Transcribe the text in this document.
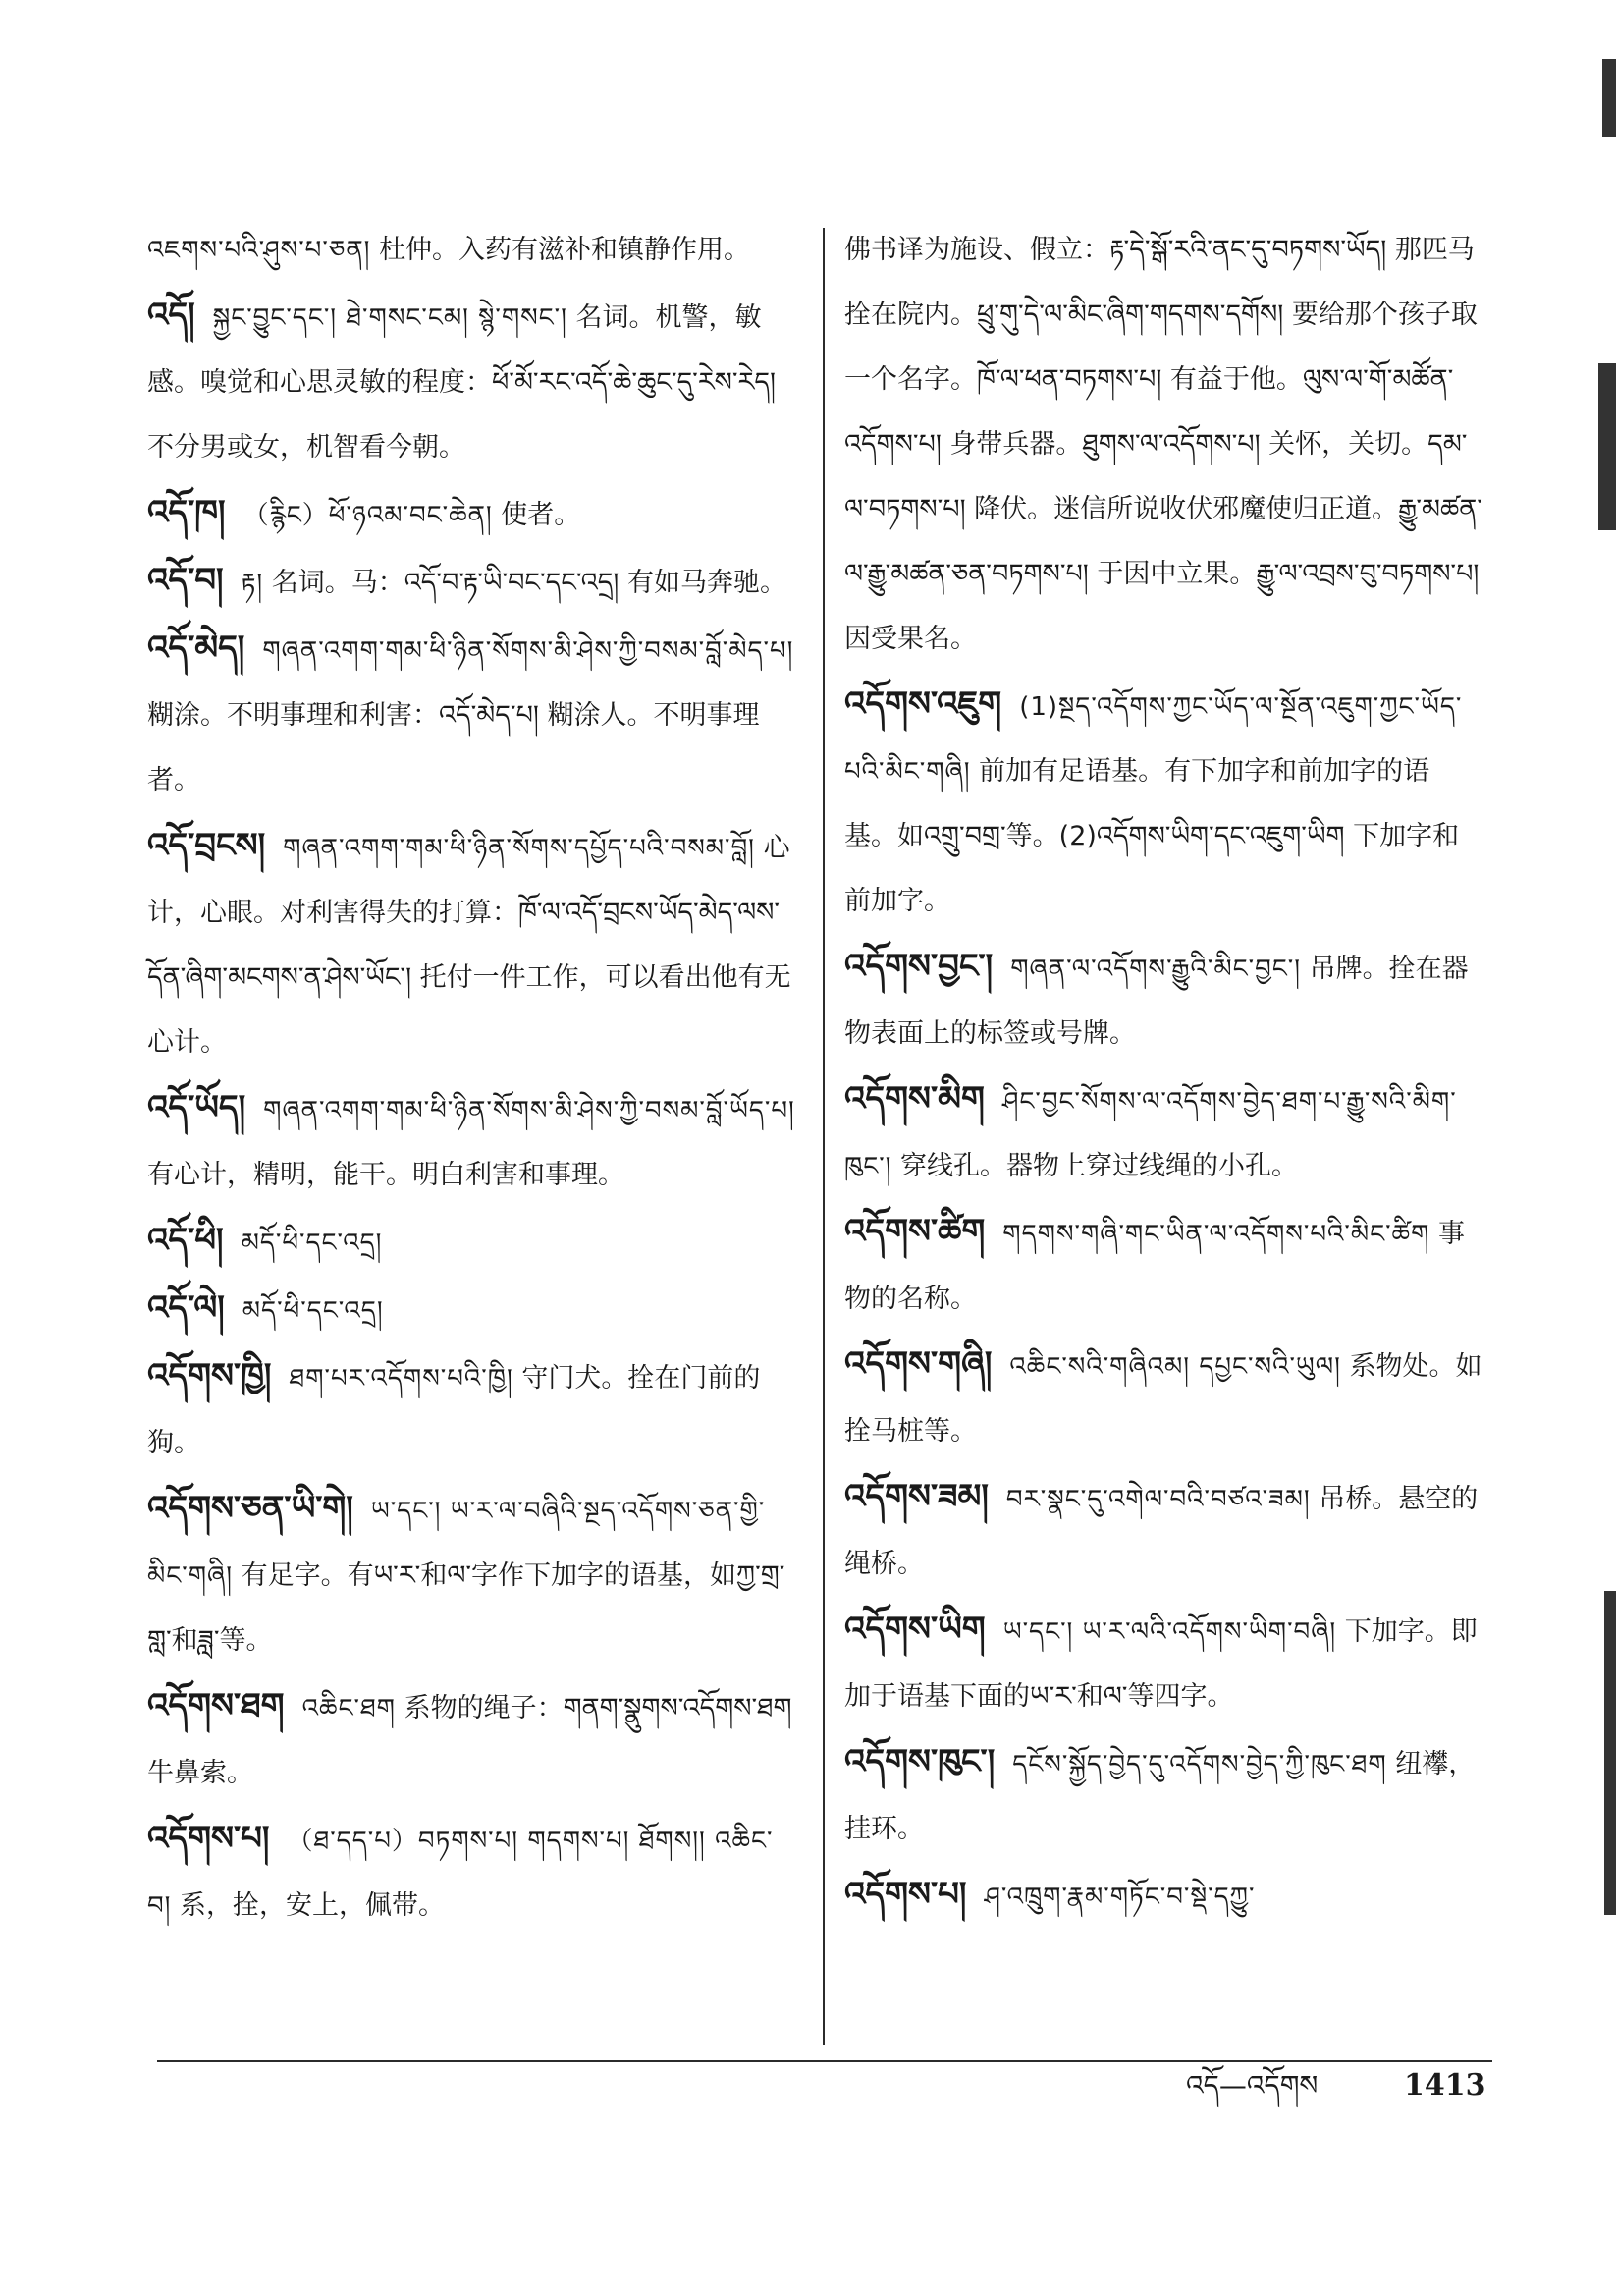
འཇགས་པའི་ཤུས་པ་ཅན། 杜仲。入药有滋补和镇静作用。

འདོ། སྐྱང་བྱུང་དང་། ཐེ་གསང་ངམ། སྙེ་གསང་། 名词。机警，敏感。嗅觉和心思灵敏的程度：ཕོ་མོ་རང་འདོ་ཆེ་ཆུང་དུ་རེས་རེད། 不分男或女，机智看今朝。

འདོ་ཁ། （རྙིང）ཕོ་ཉའམ་བང་ཆེན། 使者。

འདོ་བ། རྟ། 名词。马：འདོ་བ་རྟ་ཡི་བང་དང་འདྲ། 有如马奔驰。

འདོ་མེད། གཞན་འགག་གམ་ཕི་ཉིན་སོགས་མི་ཤེས་ཀྱི་བསམ་བློ་མེད་པ། 糊涂。不明事理和利害：འདོ་མེད་པ། 糊涂人。不明事理者。

འདོ་བྲངས། གཞན་འགག་གམ་ཕི་ཉིན་སོགས་དཔྱོད་པའི་བསམ་བློ། 心计，心眼。对利害得失的打算：ཁོ་ལ་འདོ་བྲངས་ཡོད་མེད་ལས་དོན་ཞིག་མངགས་ན་ཤེས་ཡོང་། 托付一件工作，可以看出他有无心计。

འདོ་ཡོད། གཞན་འགག་གམ་ཕི་ཉིན་སོགས་མི་ཤེས་ཀྱི་བསམ་བློ་ཡོད་པ། 有心计，精明，能干。明白利害和事理。

འདོ་ཕི། མདོ་ཕི་དང་འདྲ།

འདོ་ལེ། མདོ་ཕི་དང་འདྲ།

འདོགས་ཁྱི། ཐག་པར་འདོགས་པའི་ཁྱི། 守门犬。拴在门前的狗。

འདོགས་ཅན་ཡི་གེ། ཡ་དང་། ཡ་ར་ལ་བཞིའི་སྔད་འདོགས་ཅན་གྱི་མིང་གཞི། 有足字。有ཡ་ར་和ལ་字作下加字的语基，如ཀྱ་གྲ་གླ་和ཟླ་等。

འདོགས་ཐག འཆིང་ཐག 系物的绳子：གནག་སྣུགས་འདོགས་ཐག 牛鼻索。

འདོགས་པ། （ཐ་དད་པ）བཏགས་པ། གདགས་པ། ཐོགས།། འཆིང་བ། 系，拴，安上，佩带。

佛书译为施设、假立：རྟ་དེ་སྒོ་རའི་ནང་དུ་བཏགས་ཡོད། 那匹马拴在院内。ཕྲུ་གུ་དེ་ལ་མིང་ཞིག་གདགས་དགོས། 要给那个孩子取一个名字。ཁོ་ལ་ཕན་བཏགས་པ། 有益于他。ལུས་ལ་གོ་མཚོན་འདོགས་པ། 身带兵器。ཐུགས་ལ་འདོགས་པ། 关怀，关切。དམ་ལ་བཏགས་པ། 降伏。迷信所说收伏邪魔使归正道。རྒྱུ་མཚན་ལ་རྒྱུ་མཚན་ཅན་བཏགས་པ། 于因中立果。རྒྱུ་ལ་འབྲས་བུ་བཏགས་པ། 因受果名。

འདོགས་འཇུག (1)སྔད་འདོགས་ཀྱང་ཡོད་ལ་སྔོན་འཇུག་ཀྱང་ཡོད་པའི་མིང་གཞི། 前加有足语基。有下加字和前加字的语基。如འགྲུ་བགྲ་等。(2)འདོགས་ཡིག་དང་འཇུག་ཡིག 下加字和前加字。

འདོགས་བྱང་། གཞན་ལ་འདོགས་རྒྱུའི་མིང་བྱང་། 吊牌。拴在器物表面上的标签或号牌。

འདོགས་མིག ཤིང་བྱང་སོགས་ལ་འདོགས་བྱེད་ཐག་པ་རྒྱུ་སའི་མིག་ཁུང་། 穿线孔。器物上穿过线绳的小孔。

འདོགས་ཚིག གདགས་གཞི་གང་ཡིན་ལ་འདོགས་པའི་མིང་ཚིག 事物的名称。

འདོགས་གཞི། འཆིང་སའི་གཞིའམ། དཔྱང་སའི་ཡུལ། 系物处。如拴马桩等。

འདོགས་ཟམ། བར་སྣང་དུ་འགེལ་བའི་བཙའ་ཟམ། 吊桥。悬空的绳桥。

འདོགས་ཡིག ཡ་དང་། ཡ་ར་ལའི་འདོགས་ཡིག་བཞི། 下加字。即加于语基下面的ཡ་ར་和ལ་等四字。

འདོགས་ཁུང་། དངོས་སྐྱོད་བྱེད་དུ་འདོགས་བྱེད་ཀྱི་ཁུང་ཐག 纽襻，挂环。

འདོགས་པ། ཤ་འཁྲུག་རྣམ་གཏོང་བ་སྡེ་དཀྱུ་

འདོ—འདོགས	1413
